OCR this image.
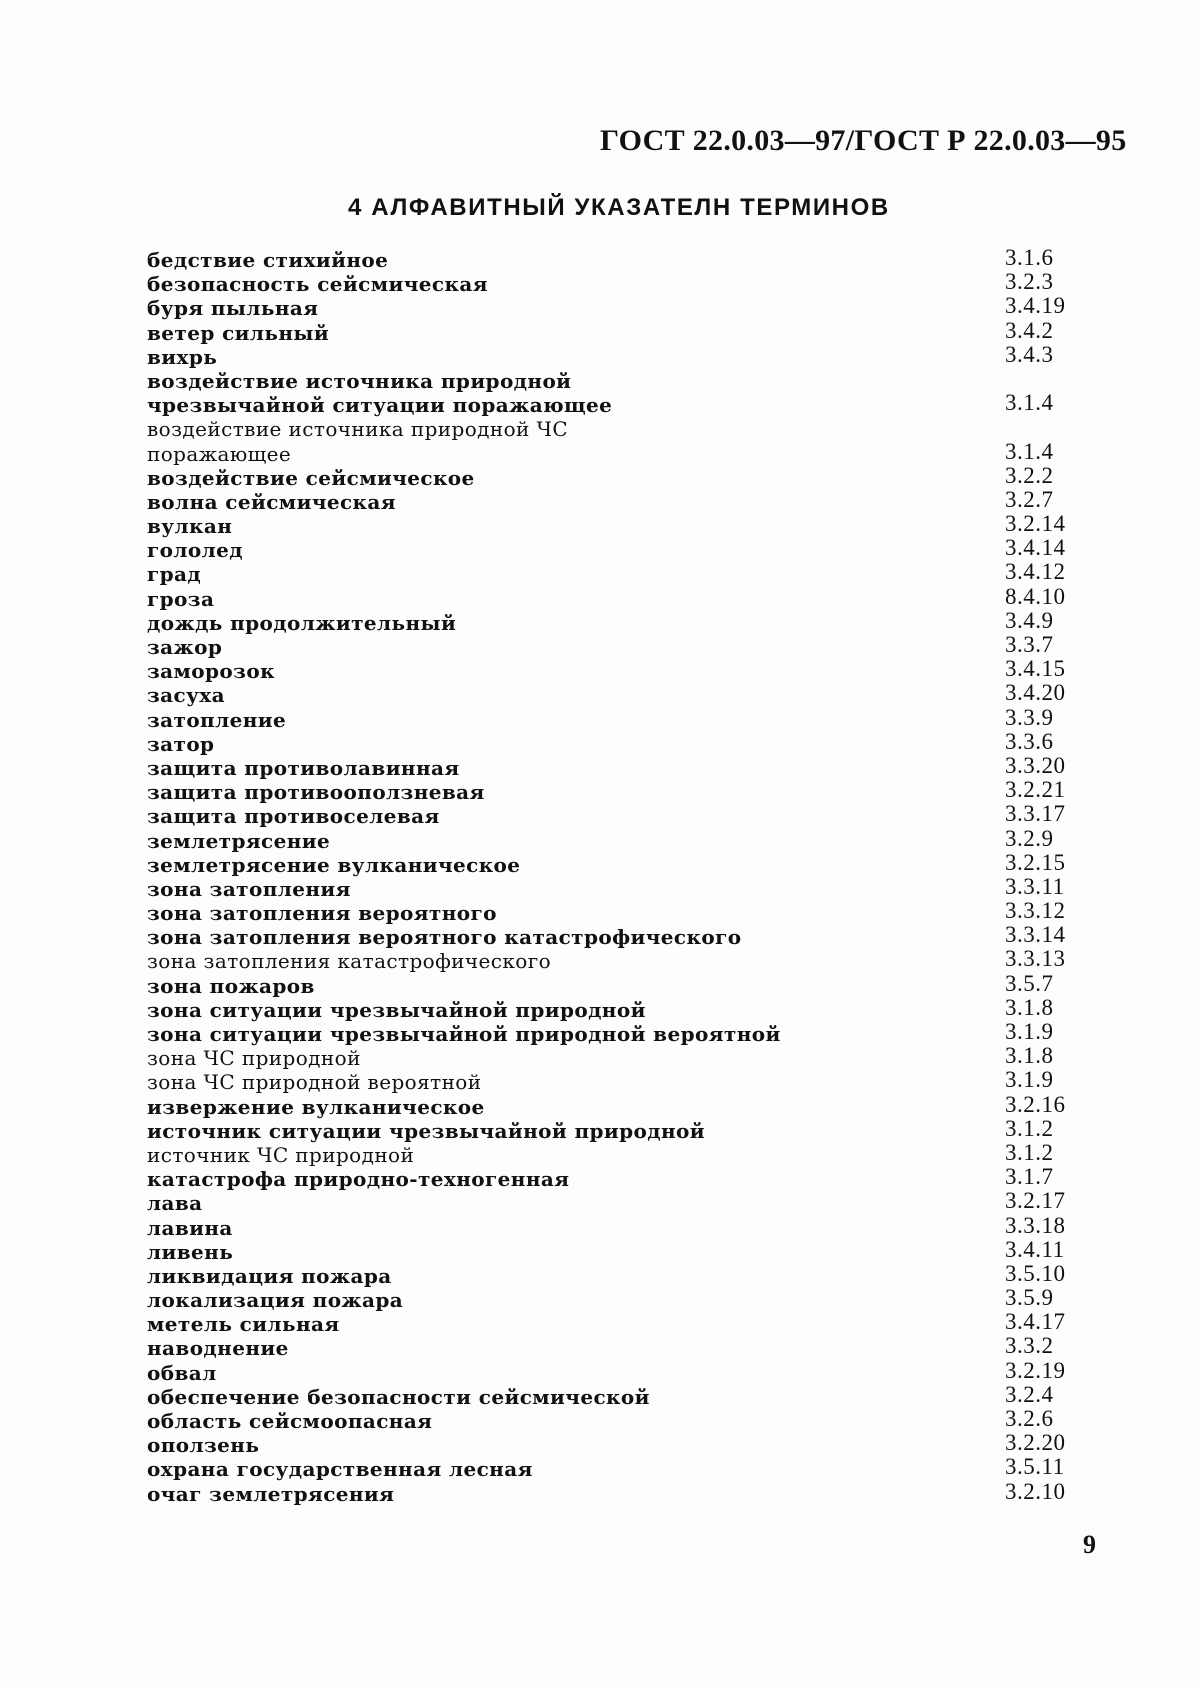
ГОСТ 22.0.03—97/ГОСТ Р 22.0.03—95
4 АЛФАВИТНЫЙ УКАЗАТЕЛН ТЕРМИНОВ
бедствие стихийное	3.1.6
безопасность сейсмическая	3.2.3
буря пыльная	3.4.19
ветер сильный	3.4.2
вихрь	3.4.3
воздействие источника природной
чрезвычайной ситуации поражающее	3.1.4
воздействие источника природной ЧС
поражающее	3.1.4
воздействие сейсмическое	3.2.2
волна сейсмическая	3.2.7
вулкан	3.2.14
гололед	3.4.14
град	3.4.12
гроза	8.4.10
дождь продолжительный	3.4.9
зажор	3.3.7
заморозок	3.4.15
засуха	3.4.20
затопление	3.3.9
затор	3.3.6
защита противолавинная	3.3.20
защита противооползневая	3.2.21
защита противоселевая	3.3.17
землетрясение	3.2.9
землетрясение вулканическое	3.2.15
зона затопления	3.3.11
зона затопления вероятного	3.3.12
зона затопления вероятного катастрофического	3.3.14
зона затопления катастрофического	3.3.13
зона пожаров	3.5.7
зона ситуации чрезвычайной природной	3.1.8
зона ситуации чрезвычайной природной вероятной	3.1.9
зона ЧС природной	3.1.8
зона ЧС природной вероятной	3.1.9
извержение вулканическое	3.2.16
источник ситуации чрезвычайной природной	3.1.2
источник ЧС природной	3.1.2
катастрофа природно-техногенная	3.1.7
лава	3.2.17
лавина	3.3.18
ливень	3.4.11
ликвидация пожара	3.5.10
локализация пожара	3.5.9
метель сильная	3.4.17
наводнение	3.3.2
обвал	3.2.19
обеспечение безопасности сейсмической	3.2.4
область сейсмоопасная	3.2.6
оползень	3.2.20
охрана государственная лесная	3.5.11
очаг землетрясения	3.2.10
9
